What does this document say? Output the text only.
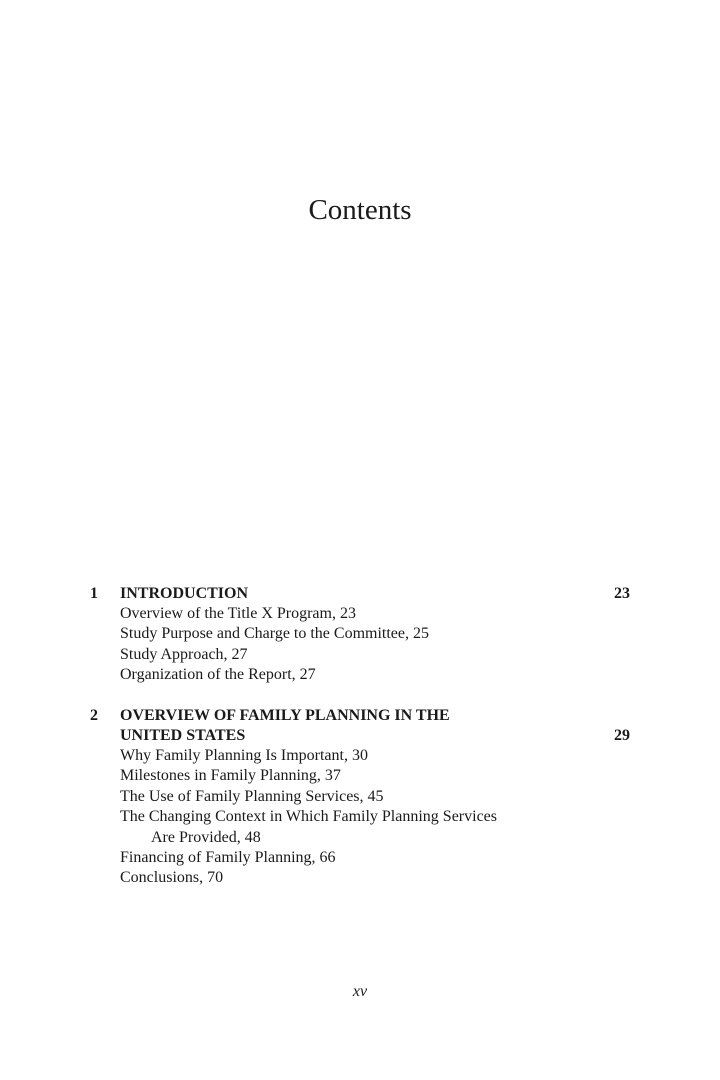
Contents
1 INTRODUCTION	23
Overview of the Title X Program, 23
Study Purpose and Charge to the Committee, 25
Study Approach, 27
Organization of the Report, 27
2 OVERVIEW OF FAMILY PLANNING IN THE
UNITED STATES	29
Why Family Planning Is Important, 30
Milestones in Family Planning, 37
The Use of Family Planning Services, 45
The Changing Context in Which Family Planning Services
Are Provided, 48
Financing of Family Planning, 66
Conclusions, 70
xv
